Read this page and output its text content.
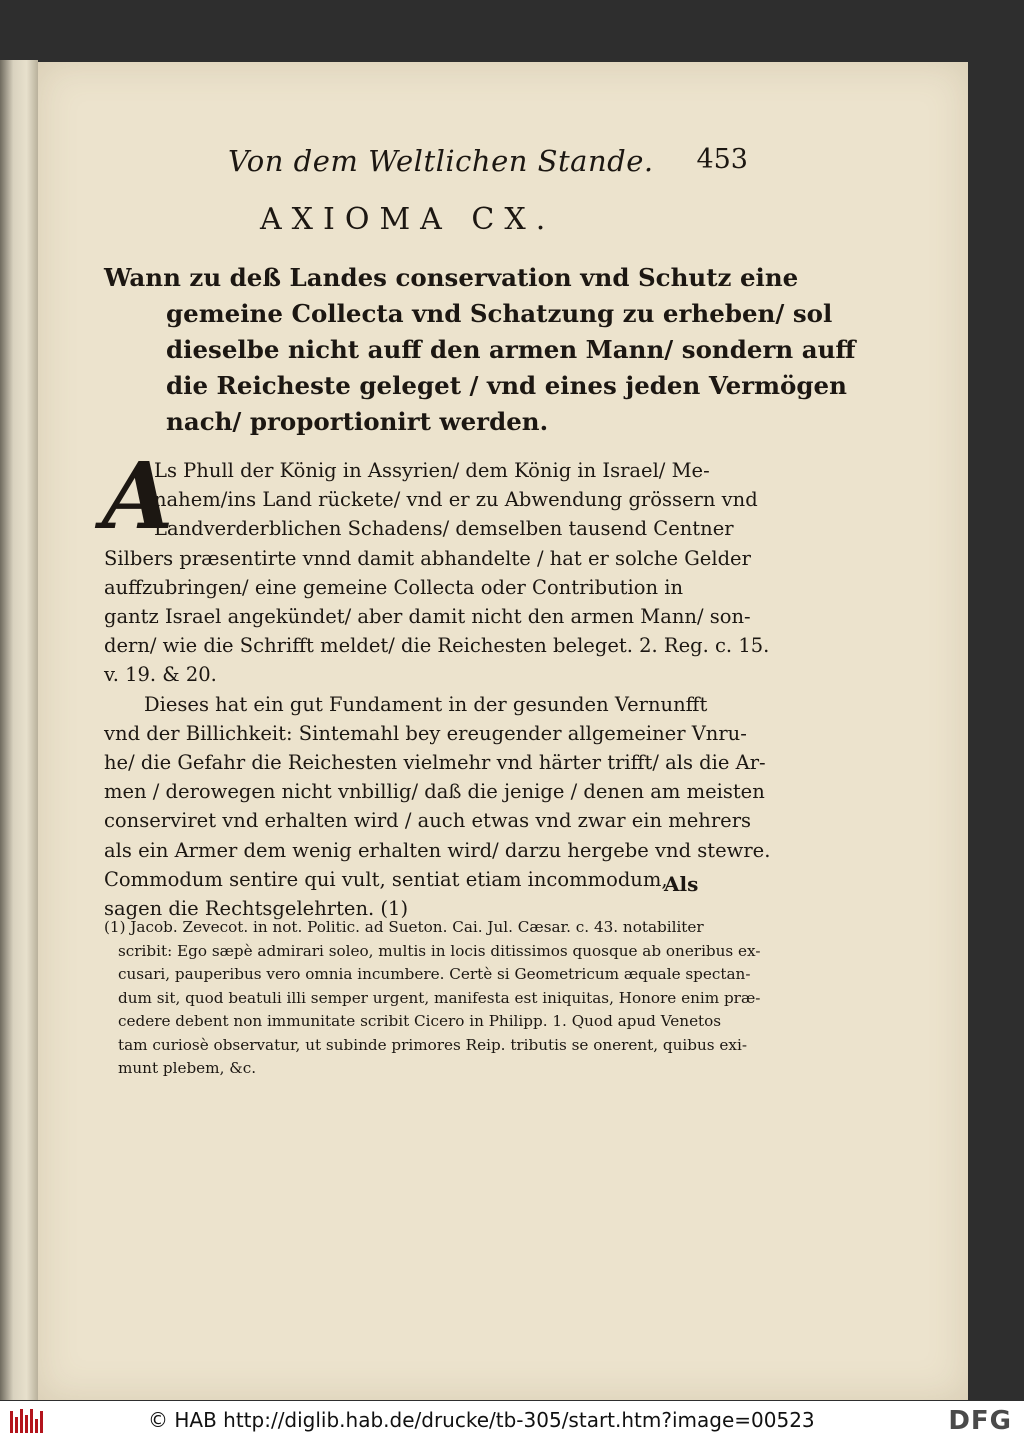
Von dem Weltlichen Stande. 453
AXIOMA CX.
Wann zu deß Landes conservation vnd Schutz eine
gemeine Collecta vnd Schatzung zu erheben/ sol
dieselbe nicht auff den armen Mann/ sondern auff
die Reicheste geleget / vnd eines jeden Vermögen
nach/ proportionirt werden.
A
Ls Phull der König in Assyrien/ dem König in Israel/ Me-
nahem/ins Land rückete/ vnd er zu Abwendung grössern vnd
Landverderblichen Schadens/ demselben tausend Centner
Silbers præsentirte vnnd damit abhandelte / hat er solche Gelder
auffzubringen/ eine gemeine Collecta oder Contribution in
gantz Israel angekündet/ aber damit nicht den armen Mann/ son-
dern/ wie die Schrifft meldet/ die Reichesten beleget. 2. Reg. c. 15.
v. 19. & 20.
Dieses hat ein gut Fundament in der gesunden Vernunfft
vnd der Billichkeit: Sintemahl bey ereugender allgemeiner Vnru-
he/ die Gefahr die Reichesten vielmehr vnd härter trifft/ als die Ar-
men / derowegen nicht vnbillig/ daß die jenige / denen am meisten
conserviret vnd erhalten wird / auch etwas vnd zwar ein mehrers
als ein Armer dem wenig erhalten wird/ darzu hergebe vnd stewre.
Commodum sentire qui vult, sentiat etiam incommodum,
sagen die Rechtsgelehrten. (1)
Als
(1) Jacob. Zevecot. in not. Politic. ad Sueton. Cai. Jul. Cæsar. c. 43. notabiliter
scribit: Ego sæpè admirari soleo, multis in locis ditissimos quosque ab oneribus ex-
cusari, pauperibus vero omnia incumbere. Certè si Geometricum æquale spectan-
dum sit, quod beatuli illi semper urgent, manifesta est iniquitas, Honore enim præ-
cedere debent non immunitate scribit Cicero in Philipp. 1. Quod apud Venetos
tam curiosè observatur, ut subinde primores Reip. tributis se onerent, quibus exi-
munt plebem, &c.
© HAB http://diglib.hab.de/drucke/tb-305/start.htm?image=00523	DFG
